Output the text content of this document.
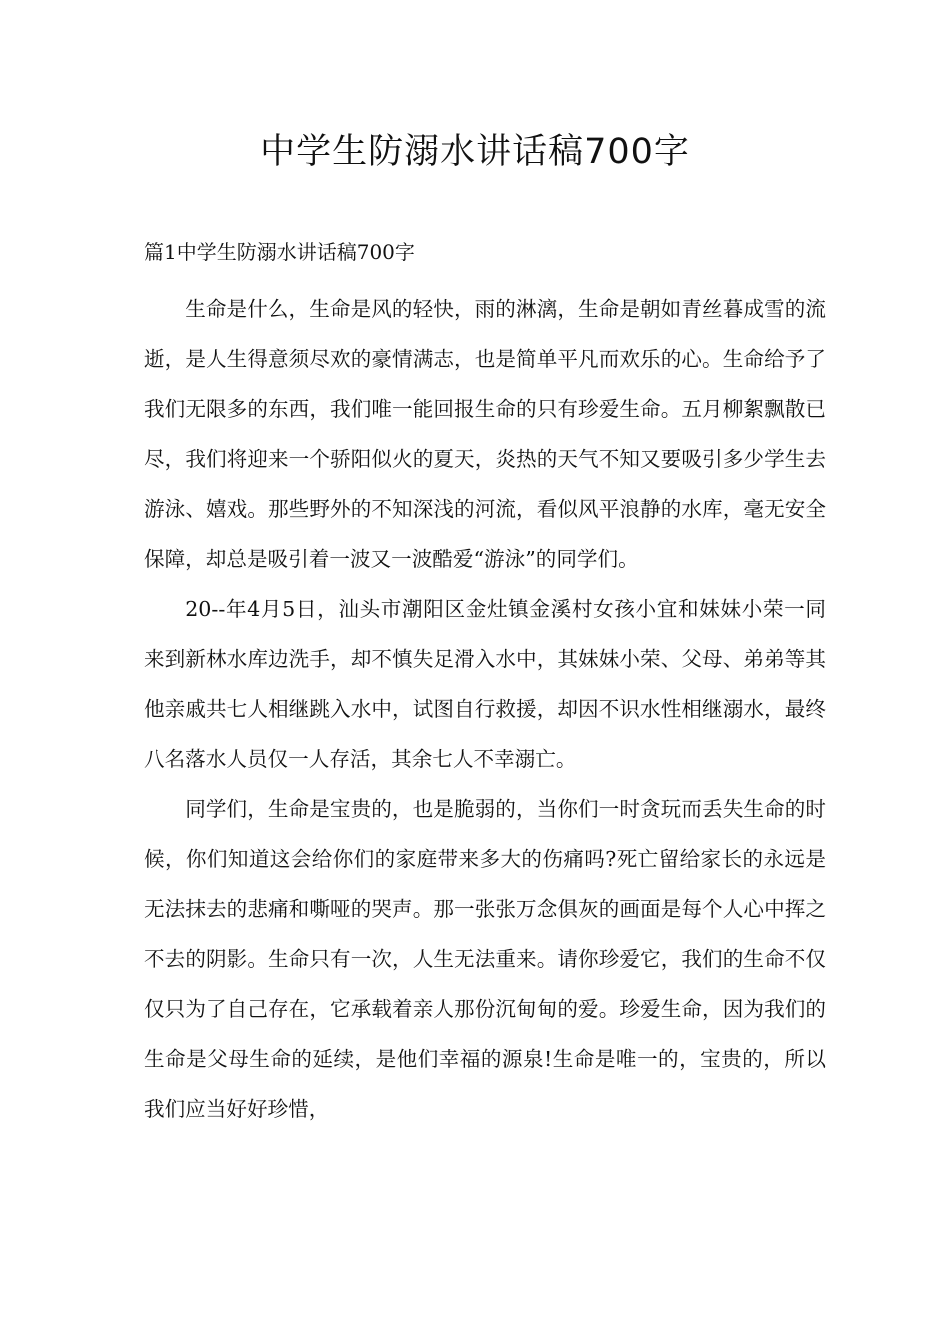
中学生防溺水讲话稿700字
篇1中学生防溺水讲话稿700字

生命是什么，生命是风的轻快，雨的淋漓，生命是朝如青丝暮成雪的流逝，是人生得意须尽欢的豪情满志，也是简单平凡而欢乐的心。生命给予了我们无限多的东西，我们唯一能回报生命的只有珍爱生命。五月柳絮飘散已尽，我们将迎来一个骄阳似火的夏天，炎热的天气不知又要吸引多少学生去游泳、嬉戏。那些野外的不知深浅的河流，看似风平浪静的水库，毫无安全保障，却总是吸引着一波又一波酷爱“游泳”的同学们。

20--年4月5日，汕头市潮阳区金灶镇金溪村女孩小宜和妹妹小荣一同来到新林水库边洗手，却不慎失足滑入水中，其妹妹小荣、父母、弟弟等其他亲戚共七人相继跳入水中，试图自行救援，却因不识水性相继溺水，最终八名落水人员仅一人存活，其余七人不幸溺亡。

同学们，生命是宝贵的，也是脆弱的，当你们一时贪玩而丢失生命的时候，你们知道这会给你们的家庭带来多大的伤痛吗?死亡留给家长的永远是无法抹去的悲痛和嘶哑的哭声。那一张张万念俱灰的画面是每个人心中挥之不去的阴影。生命只有一次，人生无法重来。请你珍爱它，我们的生命不仅仅只为了自己存在，它承载着亲人那份沉甸甸的爱。珍爱生命，因为我们的生命是父母生命的延续，是他们幸福的源泉!生命是唯一的，宝贵的，所以我们应当好好珍惜，
